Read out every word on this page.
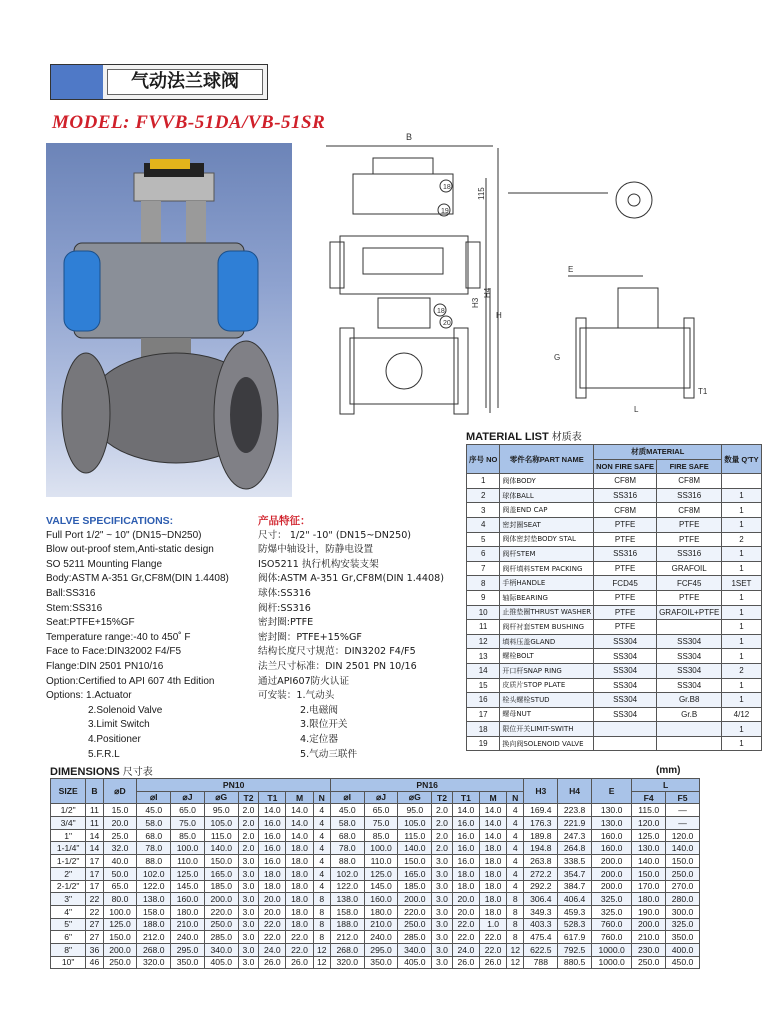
气动法兰球阀
MODEL: FVVB-51DA/VB-51SR
B
115
H3
H4
18
19
18
20
E
H
G
L
T1
VALVE SPECIFICATIONS:
Full Port 1/2" ~ 10" (DN15~DN250)
Blow out-proof stem,Anti-static design
SO 5211 Mounting Flange
Body:ASTM A-351 Gr,CF8M(DIN 1.4408)
Ball:SS316
Stem:SS316
Seat:PTFE+15%GF
Temperature range:-40 to 450˚ F
Face to Face:DIN32002 F4/F5
Flange:DIN 2501 PN10/16
Option:Certified to API 607 4th Edition
Options: 1.Actuator
2.Solenoid Valve
3.Limit Switch
4.Positioner
5.F.R.L
产品特征：
尺寸： 1/2" -10" (DN15~DN250)
防爆中轴设计，防静电设置
ISO5211 执行机构安装支架
阀体:ASTM A-351 Gr,CF8M(DIN 1.4408)
球体:SS316
阀杆:SS316
密封圈:PTFE
密封圈：PTFE+15%GF
结构长度尺寸规范：DIN3202 F4/F5
法兰尺寸标准：DIN 2501 PN 10/16
通过API607防火认证
可安装：1.气动头
2.电磁阀
3.限位开关
4.定位器
5.气动三联件
MATERIAL LIST 材质表
序号 NO	零件名称PART NAME	材质MATERIAL		数量 Q'TY
		NON FIRE SAFE	FIRE SAFE	
1	阀体BODY	CF8M	CF8M	
2	球体BALL	SS316	SS316	1
3	阀盖END CAP	CF8M	CF8M	1
4	密封圈SEAT	PTFE	PTFE	1
5	阀体密封垫BODY STAL	PTFE	PTFE	2
6	阀杆STEM	SS316	SS316	1
7	阀杆填料STEM PACKING	PTFE	GRAFOIL	1
8	手柄HANDLE	FCD45	FCF45	1SET
9	轴际BEARING	PTFE	PTFE	1
10	止推垫圈THRUST WASHER	PTFE	GRAFOIL+PTFE	1
11	阀杆衬套STEM BUSHING	PTFE		1
12	填料压盖GLAND	SS304	SS304	1
13	螺栓BOLT	SS304	SS304	1
14	开口杆SNAP RING	SS304	SS304	2
15	皮质片STOP PLATE	SS304	SS304	1
16	栓头螺栓STUD	SS304	Gr.B8	1
17	螺母NUT	SS304	Gr.B	4/12
18	限位开关LIMIT-SWITH			1
19	换向阀SOLENOID VALVE			1
DIMENSIONS 尺寸表	(mm)
SIZE	B	⌀D	PN10							PN16							H3	H4	E	L	
			⌀I	⌀J	⌀G	T2	T1	M	N	⌀I	⌀J	⌀G	T2	T1	M	N				F4	F5
1/2"	11	15.0	45.0	65.0	95.0	2.0	14.0	14.0	4	45.0	65.0	95.0	2.0	14.0	14.0	4	169.4	223.8	130.0	115.0	—
3/4"	11	20.0	58.0	75.0	105.0	2.0	16.0	14.0	4	58.0	75.0	105.0	2.0	16.0	14.0	4	176.3	221.9	130.0	120.0	—
1"	14	25.0	68.0	85.0	115.0	2.0	16.0	14.0	4	68.0	85.0	115.0	2.0	16.0	14.0	4	189.8	247.3	160.0	125.0	120.0
1-1/4"	14	32.0	78.0	100.0	140.0	2.0	16.0	18.0	4	78.0	100.0	140.0	2.0	16.0	18.0	4	194.8	264.8	160.0	130.0	140.0
1-1/2"	17	40.0	88.0	110.0	150.0	3.0	16.0	18.0	4	88.0	110.0	150.0	3.0	16.0	18.0	4	263.8	338.5	200.0	140.0	150.0
2"	17	50.0	102.0	125.0	165.0	3.0	18.0	18.0	4	102.0	125.0	165.0	3.0	18.0	18.0	4	272.2	354.7	200.0	150.0	250.0
2-1/2"	17	65.0	122.0	145.0	185.0	3.0	18.0	18.0	4	122.0	145.0	185.0	3.0	18.0	18.0	4	292.2	384.7	200.0	170.0	270.0
3"	22	80.0	138.0	160.0	200.0	3.0	20.0	18.0	8	138.0	160.0	200.0	3.0	20.0	18.0	8	306.4	406.4	325.0	180.0	280.0
4"	22	100.0	158.0	180.0	220.0	3.0	20.0	18.0	8	158.0	180.0	220.0	3.0	20.0	18.0	8	349.3	459.3	325.0	190.0	300.0
5"	27	125.0	188.0	210.0	250.0	3.0	22.0	18.0	8	188.0	210.0	250.0	3.0	22.0	1.0	8	403.3	528.3	760.0	200.0	325.0
6"	27	150.0	212.0	240.0	285.0	3.0	22.0	22.0	8	212.0	240.0	285.0	3.0	22.0	22.0	8	475.4	617.9	760.0	210.0	350.0
8"	36	200.0	268.0	295.0	340.0	3.0	24.0	22.0	12	268.0	295.0	340.0	3.0	24.0	22.0	12	622.5	792.5	1000.0	230.0	400.0
10"	46	250.0	320.0	350.0	405.0	3.0	26.0	26.0	12	320.0	350.0	405.0	3.0	26.0	26.0	12	788	880.5	1000.0	250.0	450.0
